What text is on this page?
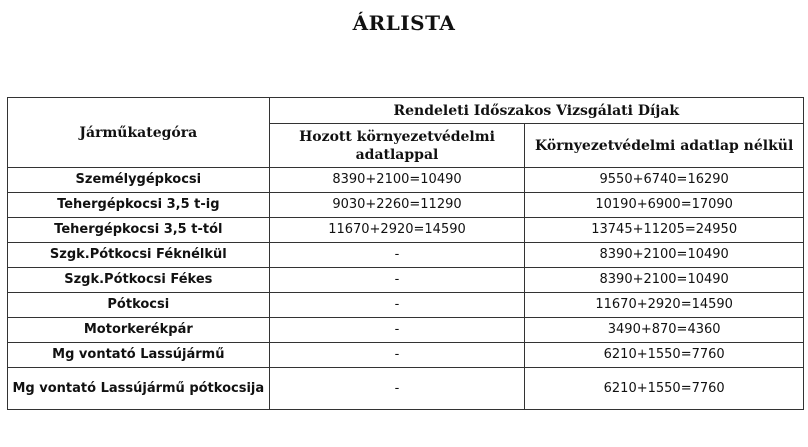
ÁRLISTA
Járműkategóra	Rendeleti Időszakos Vizsgálati Díjak	
	Hozott környezetvédelmi adatlappal	Környezetvédelmi adatlap nélkül
Személygépkocsi	8390+2100=10490	9550+6740=16290
Tehergépkocsi 3,5 t-ig	9030+2260=11290	10190+6900=17090
Tehergépkocsi 3,5 t-tól	11670+2920=14590	13745+11205=24950
Szgk.Pótkocsi Féknélkül	-	8390+2100=10490
Szgk.Pótkocsi Fékes	-	8390+2100=10490
Pótkocsi	-	11670+2920=14590
Motorkerékpár	-	3490+870=4360
Mg vontató Lassújármű	-	6210+1550=7760
Mg vontató Lassújármű pótkocsija	-	6210+1550=7760
